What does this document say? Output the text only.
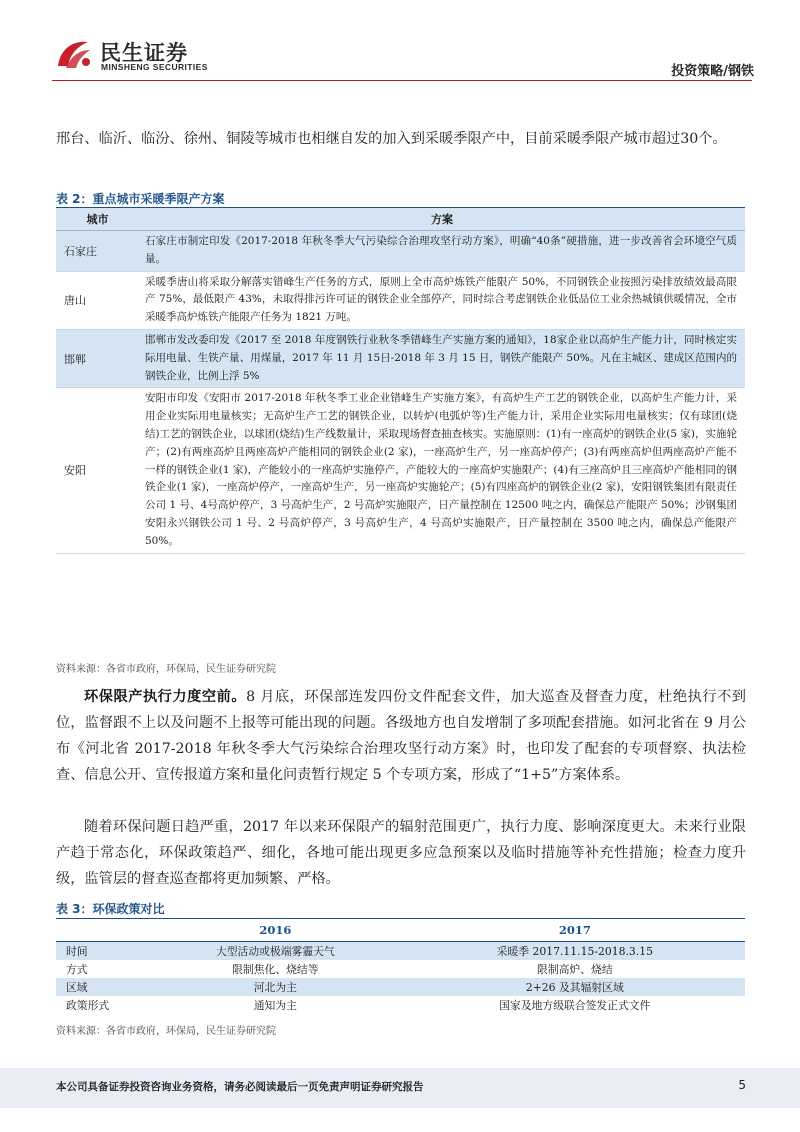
民生证券
MINSHENG SECURITIES	投资策略/钢铁

邢台、临沂、临汾、徐州、铜陵等城市也相继自发的加入到采暖季限产中，目前采暖季限产城市超过30个。

表 2：重点城市采暖季限产方案
城市	方案
石家庄	石家庄市制定印发《2017-2018 年秋冬季大气污染综合治理攻坚行动方案》，明确“40条”硬措施，进一步改善省会环境空气质量。
唐山	采暖季唐山将采取分解落实错峰生产任务的方式，原则上全市高炉炼铁产能限产 50%，不同钢铁企业按照污染排放绩效最高限产 75%，最低限产 43%，未取得排污许可证的钢铁企业全部停产，同时综合考虑钢铁企业低品位工业余热城镇供暖情况，全市采暖季高炉炼铁产能限产任务为 1821 万吨。
邯郸	邯郸市发改委印发《2017 至 2018 年度钢铁行业秋冬季错峰生产实施方案的通知》，18家企业以高炉生产能力计，同时核定实际用电量、生铁产量、用煤量，2017 年 11 月 15日-2018 年 3 月 15 日，钢铁产能限产 50%。凡在主城区、建成区范围内的钢铁企业，比例上浮 5%
安阳	安阳市印发《安阳市 2017-2018 年秋冬季工业企业错峰生产实施方案》，有高炉生产工艺的钢铁企业，以高炉生产能力计，采用企业实际用电量核实；无高炉生产工艺的钢铁企业，以转炉(电弧炉等)生产能力计，采用企业实际用电量核实；仅有球团(烧结)工艺的钢铁企业，以球团(烧结)生产线数量计，采取现场督查抽查核实。实施原则：(1)有一座高炉的钢铁企业(5 家)，实施轮产；(2)有两座高炉且两座高炉产能相同的钢铁企业(2 家)，一座高炉生产，另一座高炉停产；(3)有两座高炉但两座高炉产能不一样的钢铁企业(1 家)，产能较小的一座高炉实施停产，产能较大的一座高炉实施限产；(4)有三座高炉且三座高炉产能相同的钢铁企业(1 家)，一座高炉停产，一座高炉生产，另一座高炉实施轮产；(5)有四座高炉的钢铁企业(2 家)，安阳钢铁集团有限责任公司 1 号、4号高炉停产，3 号高炉生产，2 号高炉实施限产，日产量控制在 12500 吨之内，确保总产能限产 50%；沙钢集团安阳永兴钢铁公司 1 号、2 号高炉停产，3 号高炉生产，4 号高炉实施限产，日产量控制在 3500 吨之内，确保总产能限产 50%。
资料来源：各省市政府，环保局，民生证券研究院

环保限产执行力度空前。8 月底，环保部连发四份文件配套文件，加大巡查及督查力度，杜绝执行不到位，监督跟不上以及问题不上报等可能出现的问题。各级地方也自发增制了多项配套措施。如河北省在 9 月公布《河北省 2017-2018 年秋冬季大气污染综合治理攻坚行动方案》时，也印发了配套的专项督察、执法检查、信息公开、宣传报道方案和量化问责暂行规定 5 个专项方案，形成了“1+5”方案体系。

随着环保问题日趋严重，2017 年以来环保限产的辐射范围更广，执行力度、影响深度更大。未来行业限产趋于常态化，环保政策趋严、细化，各地可能出现更多应急预案以及临时措施等补充性措施；检查力度升级，监管层的督查巡查都将更加频繁、严格。

表 3：环保政策对比
	2016	2017
时间	大型活动或极端雾霾天气	采暖季 2017.11.15-2018.3.15
方式	限制焦化、烧结等	限制高炉、烧结
区域	河北为主	2+26 及其辐射区域
政策形式	通知为主	国家及地方级联合签发正式文件
资料来源：各省市政府，环保局，民生证券研究院
本公司具备证券投资咨询业务资格，请务必阅读最后一页免责声明证券研究报告	5
